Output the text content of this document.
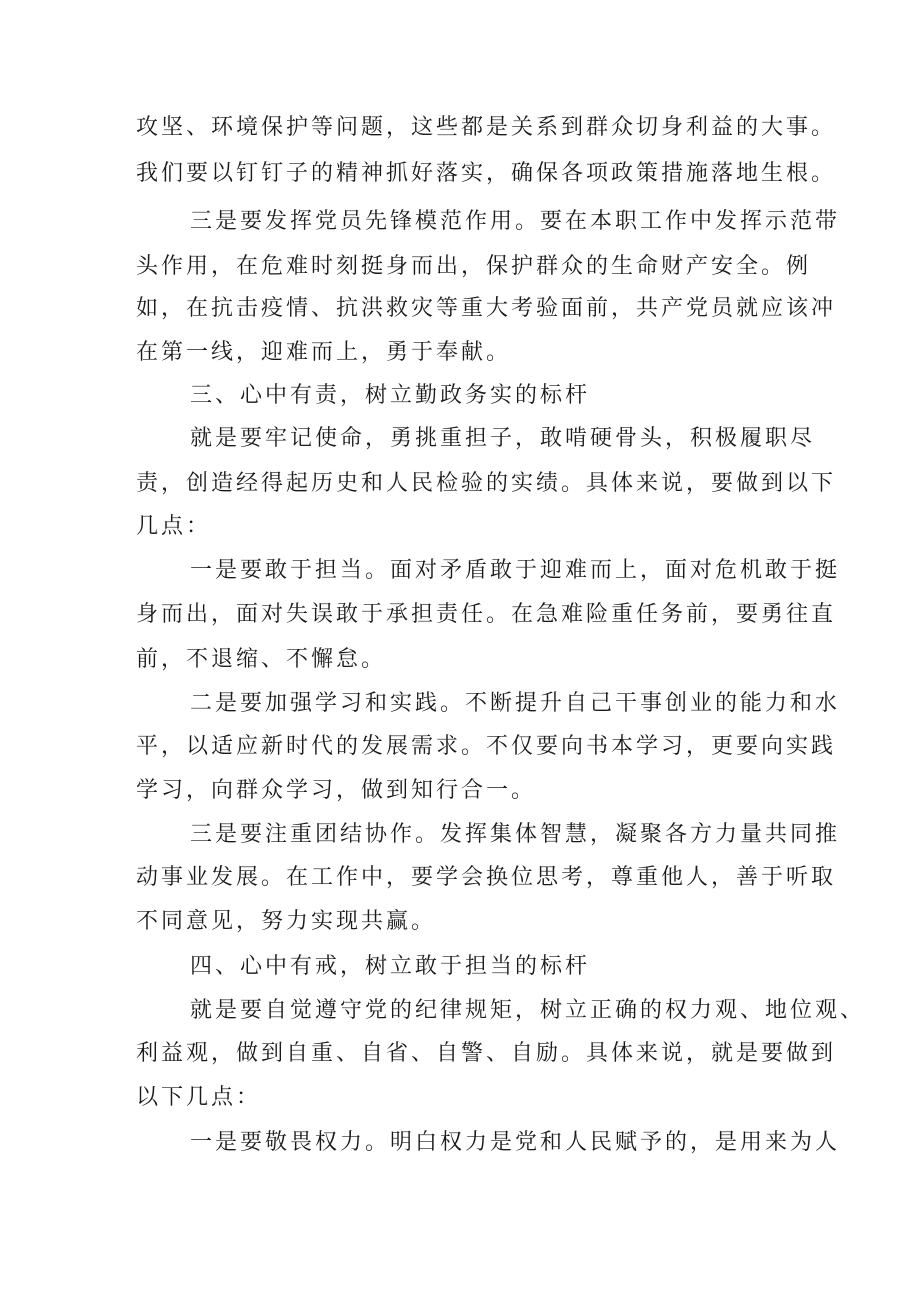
攻坚、环境保护等问题，这些都是关系到群众切身利益的大事。
我们要以钉钉子的精神抓好落实，确保各项政策措施落地生根。
三是要发挥党员先锋模范作用。要在本职工作中发挥示范带
头作用，在危难时刻挺身而出，保护群众的生命财产安全。例
如，在抗击疫情、抗洪救灾等重大考验面前，共产党员就应该冲
在第一线，迎难而上，勇于奉献。
三、心中有责，树立勤政务实的标杆
就是要牢记使命，勇挑重担子，敢啃硬骨头，积极履职尽
责，创造经得起历史和人民检验的实绩。具体来说，要做到以下
几点：
一是要敢于担当。面对矛盾敢于迎难而上，面对危机敢于挺
身而出，面对失误敢于承担责任。在急难险重任务前，要勇往直
前，不退缩、不懈怠。
二是要加强学习和实践。不断提升自己干事创业的能力和水
平，以适应新时代的发展需求。不仅要向书本学习，更要向实践
学习，向群众学习，做到知行合一。
三是要注重团结协作。发挥集体智慧，凝聚各方力量共同推
动事业发展。在工作中，要学会换位思考，尊重他人，善于听取
不同意见，努力实现共赢。
四、心中有戒，树立敢于担当的标杆
就是要自觉遵守党的纪律规矩，树立正确的权力观、地位观、
利益观，做到自重、自省、自警、自励。具体来说，就是要做到
以下几点：
一是要敬畏权力。明白权力是党和人民赋予的，是用来为人
